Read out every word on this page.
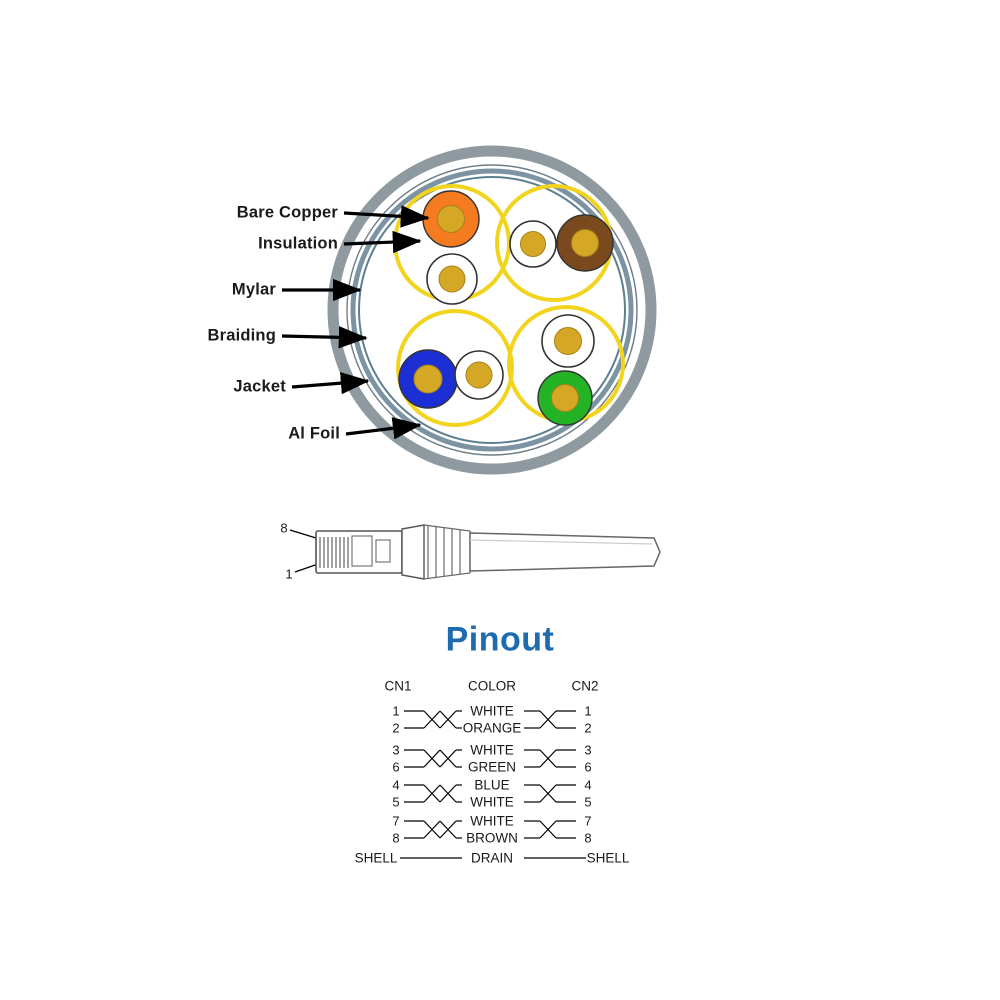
Bare Copper
Insulation
Mylar
Braiding
Jacket
Al Foil
8
1
Pinout
CN1	COLOR	CN2
1	WHITE	1
2	ORANGE	2
3	WHITE	3
6	GREEN	6
4	BLUE	4
5	WHITE	5
7	WHITE	7
8	BROWN	8
SHELL	DRAIN	SHELL
